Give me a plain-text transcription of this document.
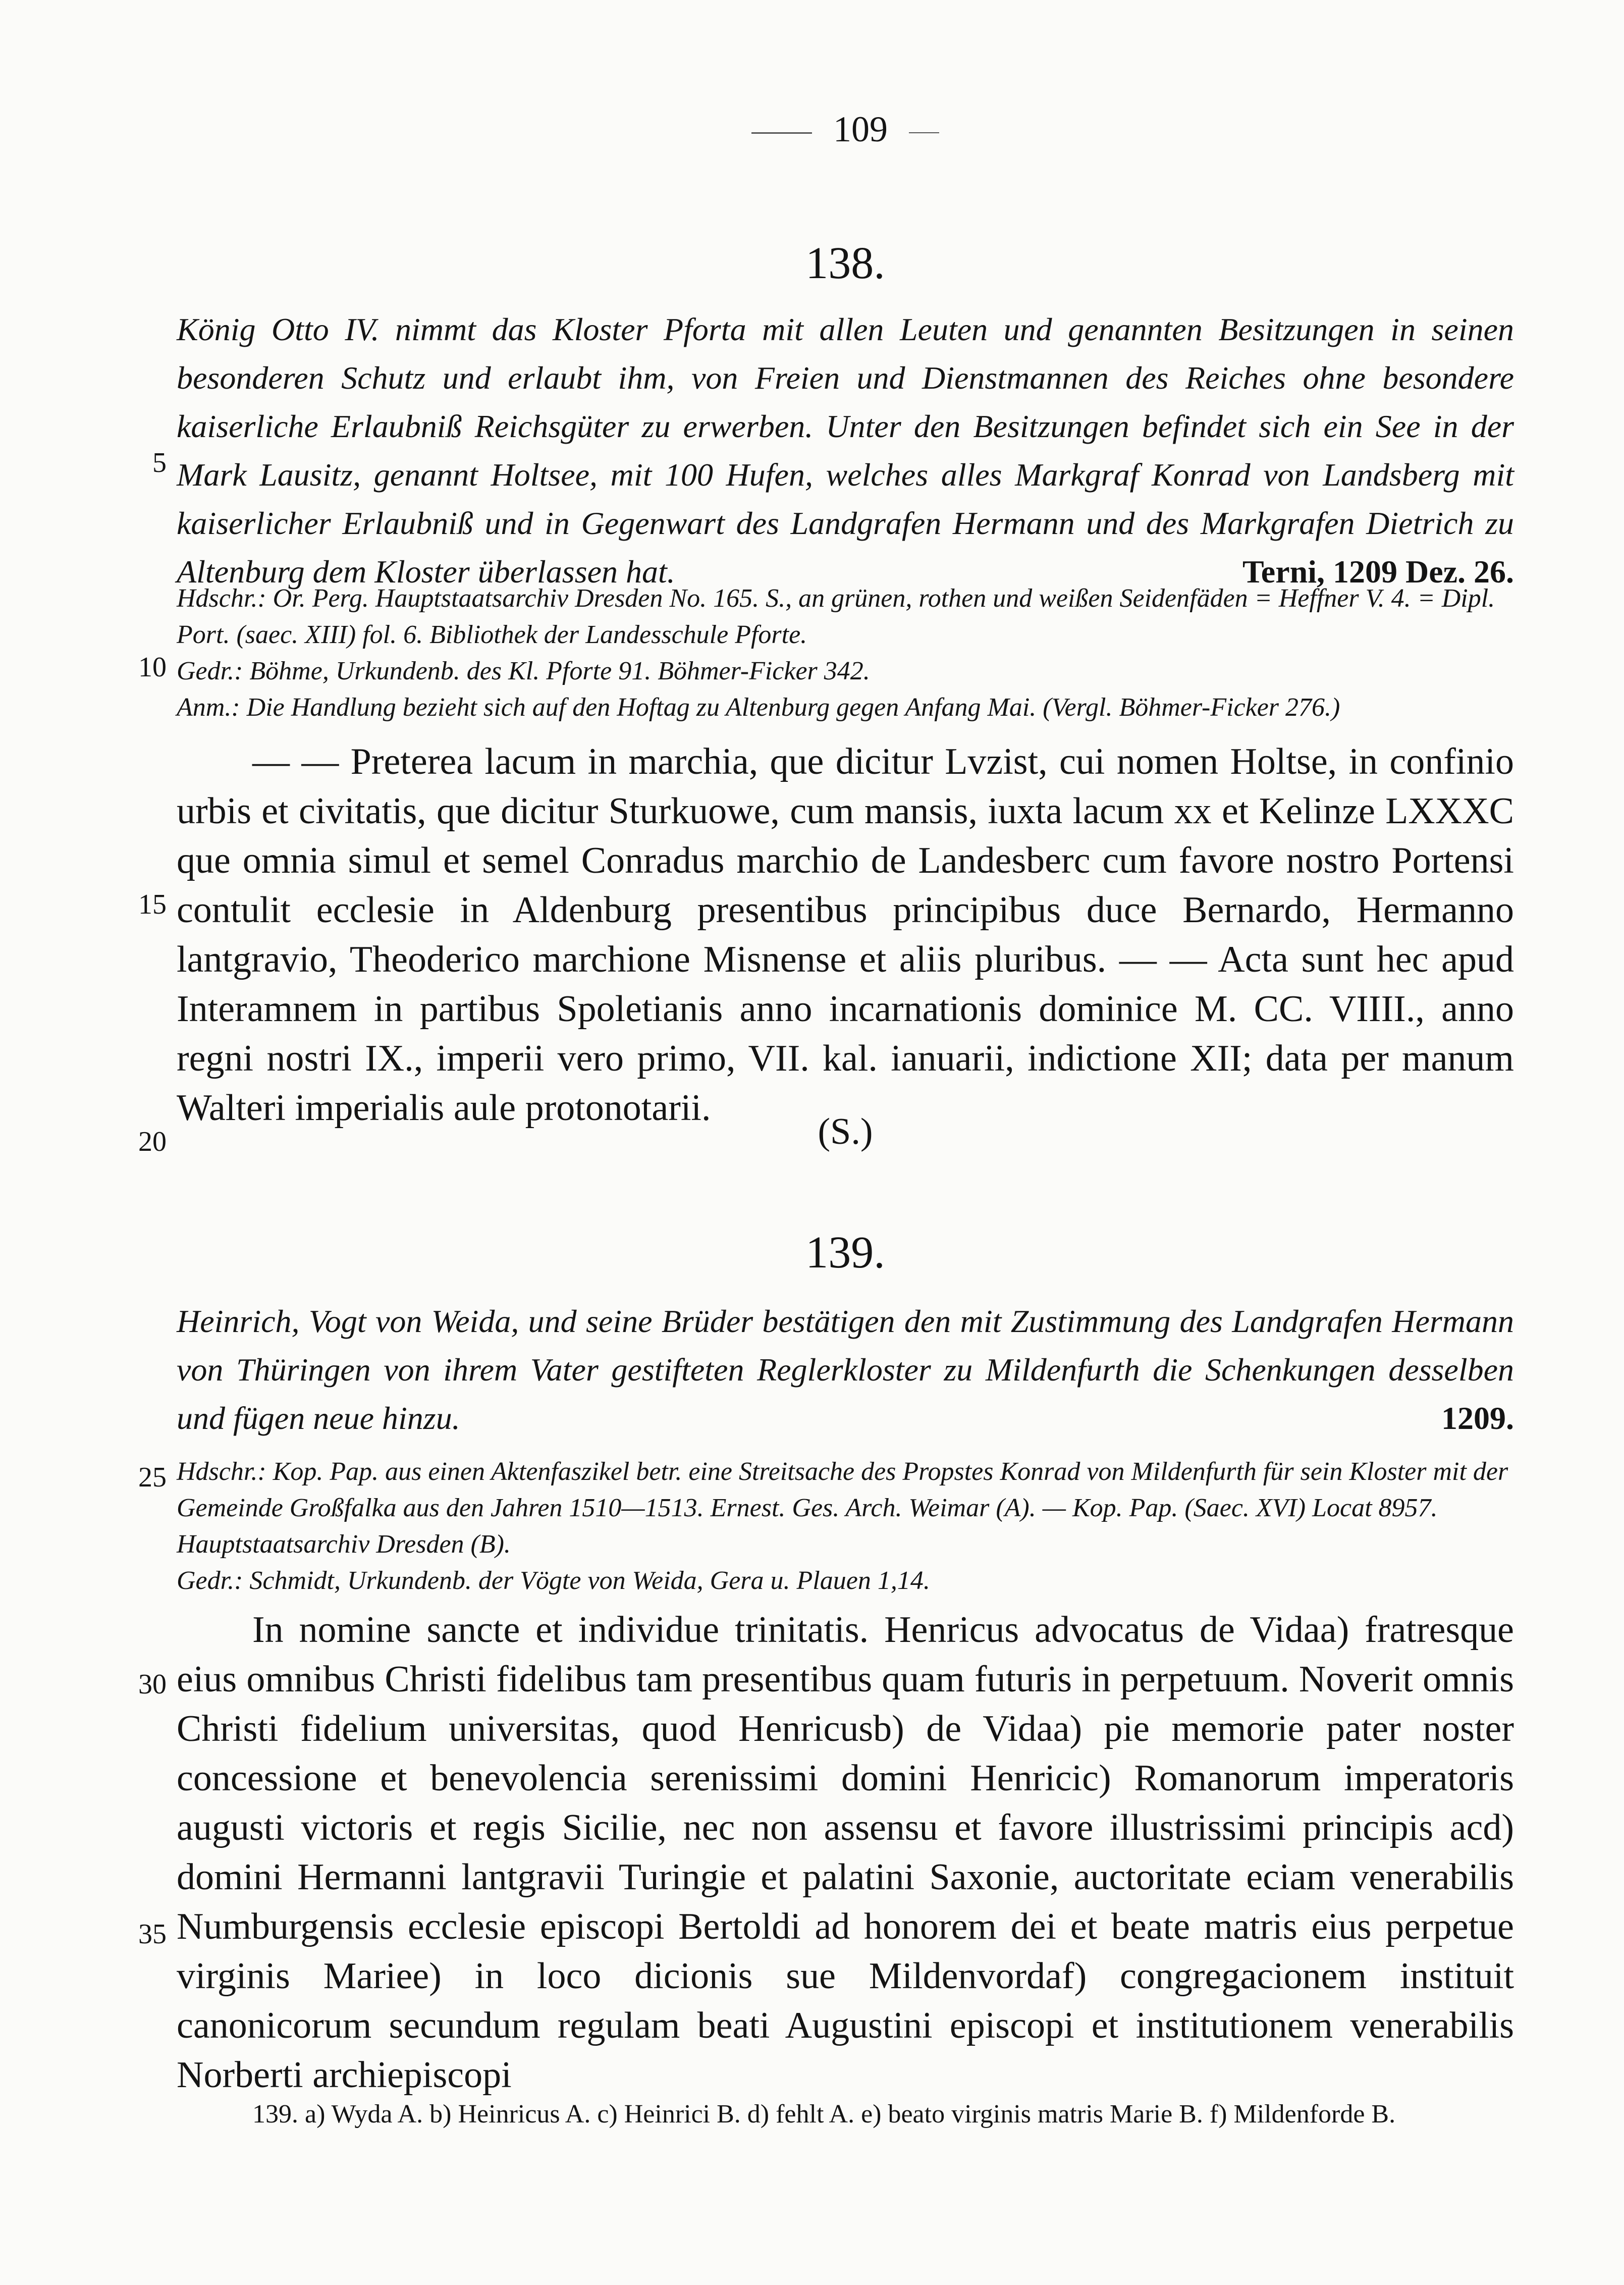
109
138.
König Otto IV. nimmt das Kloster Pforta mit allen Leuten und genannten Besitzungen in seinen besonderen Schutz und erlaubt ihm, von Freien und Dienstmannen des Reiches ohne besondere kaiserliche Erlaubniß Reichsgüter zu erwerben. Unter den Besitzungen befindet sich ein See in der Mark Lausitz, genannt Holtsee, mit 100 Hufen, welches alles Markgraf Konrad von Landsberg mit kaiserlicher Erlaubniß und in Gegenwart des Landgrafen Hermann und des Markgrafen Dietrich zu Altenburg dem Kloster überlassen hat.	Terni, 1209 Dez. 26.

Hdschr.: Or. Perg. Hauptstaatsarchiv Dresden No. 165. S., an grünen, rothen und weißen Seidenfäden = Heffner V. 4. = Dipl. Port. (saec. XIII) fol. 6. Bibliothek der Landesschule Pforte.

Gedr.: Böhme, Urkundenb. des Kl. Pforte 91. Böhmer-Ficker 342.

Anm.: Die Handlung bezieht sich auf den Hoftag zu Altenburg gegen Anfang Mai. (Vergl. Böhmer-Ficker 276.)

— — Preterea lacum in marchia, que dicitur Lvzist, cui nomen Holtse, in confinio urbis et civitatis, que dicitur Sturkuowe, cum mansis, iuxta lacum xx et Kelinze LXXXC que omnia simul et semel Conradus marchio de Landesberc cum favore nostro Portensi contulit ecclesie in Aldenburg presentibus principibus duce Bernardo, Hermanno lantgravio, Theoderico marchione Misnense et aliis pluribus. — — Acta sunt hec apud Interamnem in partibus Spoletianis anno incarnationis dominice M. CC. VIIII., anno regni nostri IX., imperii vero primo, VII. kal. ianuarii, indictione XII; data per manum Walteri imperialis aule protonotarii.

(S.)
139.
Heinrich, Vogt von Weida, und seine Brüder bestätigen den mit Zustimmung des Landgrafen Hermann von Thüringen von ihrem Vater gestifteten Reglerkloster zu Mildenfurth die Schenkungen desselben und fügen neue hinzu.	1209.

Hdschr.: Kop. Pap. aus einen Aktenfaszikel betr. eine Streitsache des Propstes Konrad von Mildenfurth für sein Kloster mit der Gemeinde Großfalka aus den Jahren 1510—1513. Ernest. Ges. Arch. Weimar (A). — Kop. Pap. (Saec. XVI) Locat 8957. Hauptstaatsarchiv Dresden (B).

Gedr.: Schmidt, Urkundenb. der Vögte von Weida, Gera u. Plauen 1,14.

In nomine sancte et individue trinitatis. Henricus advocatus de Vidaa) fratresque eius omnibus Christi fidelibus tam presentibus quam futuris in perpetuum. Noverit omnis Christi fidelium universitas, quod Henricusb) de Vidaa) pie memorie pater noster concessione et benevolencia serenissimi domini Henricic) Romanorum imperatoris augusti victoris et regis Sicilie, nec non assensu et favore illustrissimi principis acd) domini Hermanni lantgravii Turingie et palatini Saxonie, auctoritate eciam venerabilis Numburgensis ecclesie episcopi Bertoldi ad honorem dei et beate matris eius perpetue virginis Mariee) in loco dicionis sue Mildenvordaf) congregacionem instituit canonicorum secundum regulam beati Augustini episcopi et institutionem venerabilis Norberti archiepiscopi

139. a) Wyda A. b) Heinricus A. c) Heinrici B. d) fehlt A. e) beato virginis matris Marie B. f) Mildenforde B.

5
10
15
20
25
30
35
